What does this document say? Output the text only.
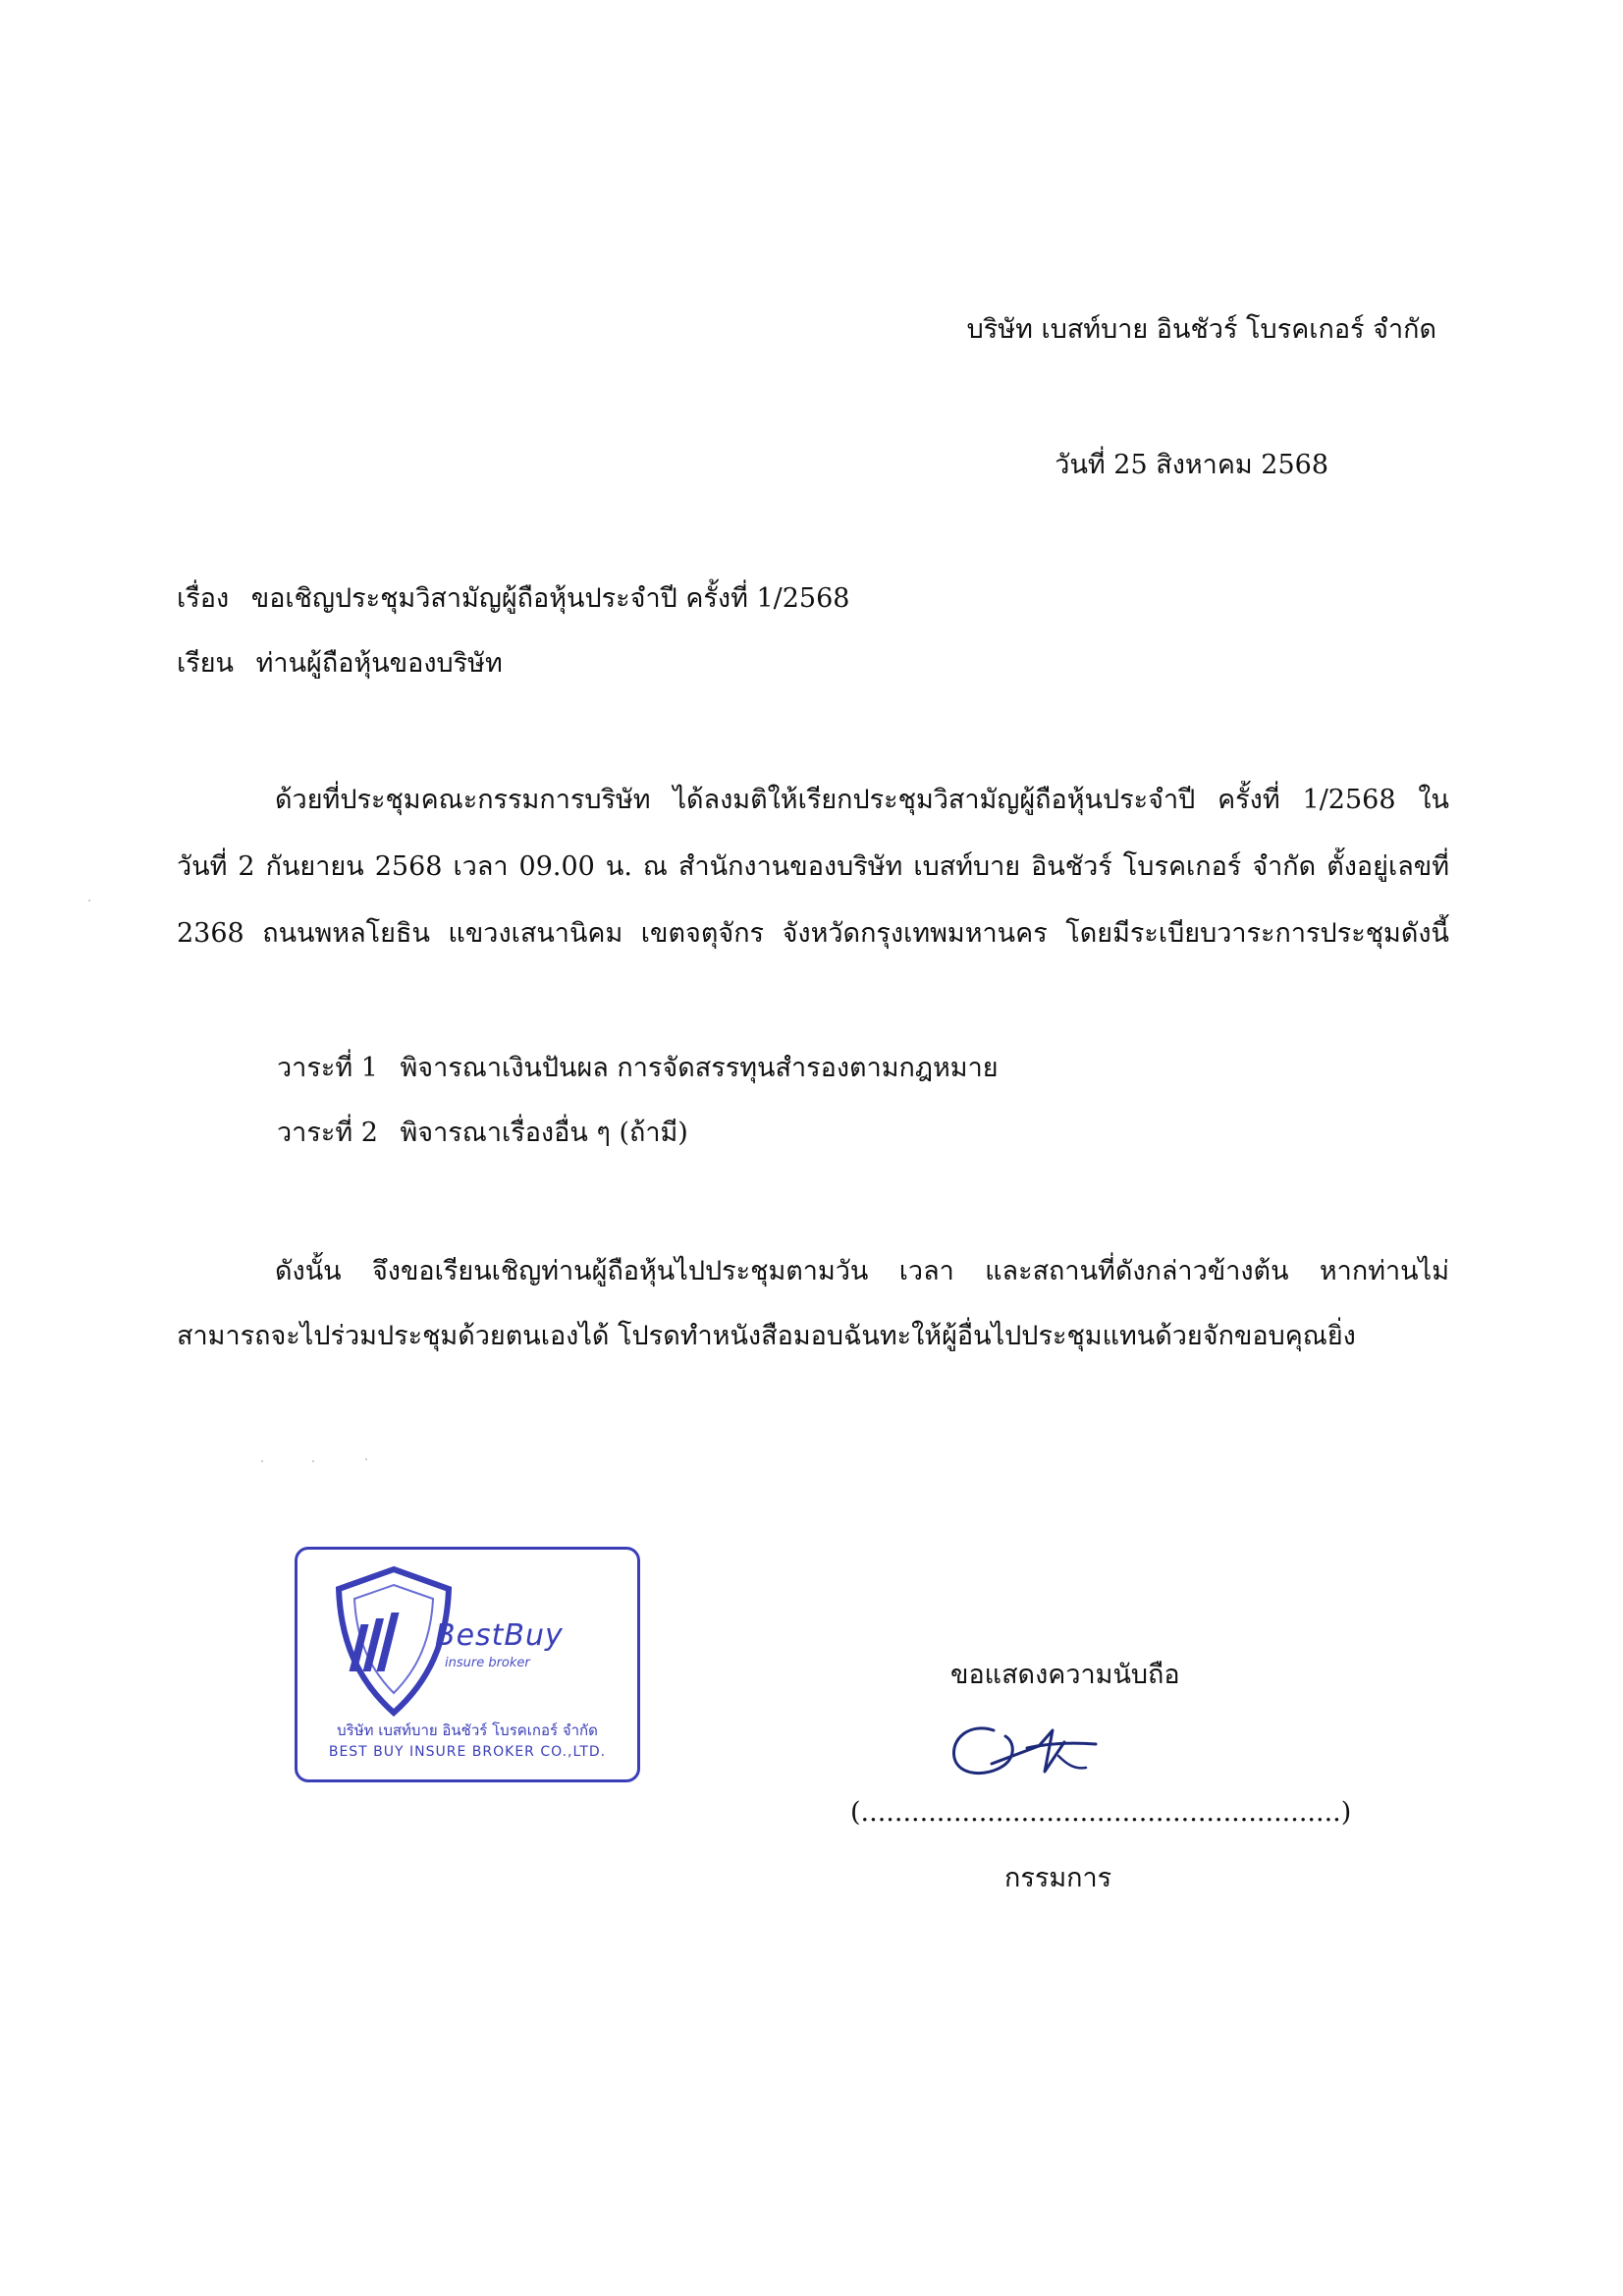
บริษัท เบสท์บาย อินชัวร์ โบรคเกอร์ จำกัด
วันที่ 25 สิงหาคม 2568
เรื่อง ขอเชิญประชุมวิสามัญผู้ถือหุ้นประจำปี ครั้งที่ 1/2568
เรียน ท่านผู้ถือหุ้นของบริษัท
ด้วยที่ประชุมคณะกรรมการบริษัท ได้ลงมติให้เรียกประชุมวิสามัญผู้ถือหุ้นประจำปี ครั้งที่ 1/2568 ใน
วันที่ 2 กันยายน 2568 เวลา 09.00 น. ณ สำนักงานของบริษัท เบสท์บาย อินชัวร์ โบรคเกอร์ จำกัด ตั้งอยู่เลขที่
2368 ถนนพหลโยธิน แขวงเสนานิคม เขตจตุจักร จังหวัดกรุงเทพมหานคร โดยมีระเบียบวาระการประชุมดังนี้
วาระที่ 1 พิจารณาเงินปันผล การจัดสรรทุนสำรองตามกฎหมาย
วาระที่ 2 พิจารณาเรื่องอื่น ๆ (ถ้ามี)
ดังนั้น จึงขอเรียนเชิญท่านผู้ถือหุ้นไปประชุมตามวัน เวลา และสถานที่ดังกล่าวข้างต้น หากท่านไม่
สามารถจะไปร่วมประชุมด้วยตนเองได้ โปรดทำหนังสือมอบฉันทะให้ผู้อื่นไปประชุมแทนด้วยจักขอบคุณยิ่ง
BestBuy
insure broker
บริษัท เบสท์บาย อินชัวร์ โบรคเกอร์ จำกัด
BEST BUY INSURE BROKER CO.,LTD.
ขอแสดงความนับถือ
(.........................................................)
กรรมการ
